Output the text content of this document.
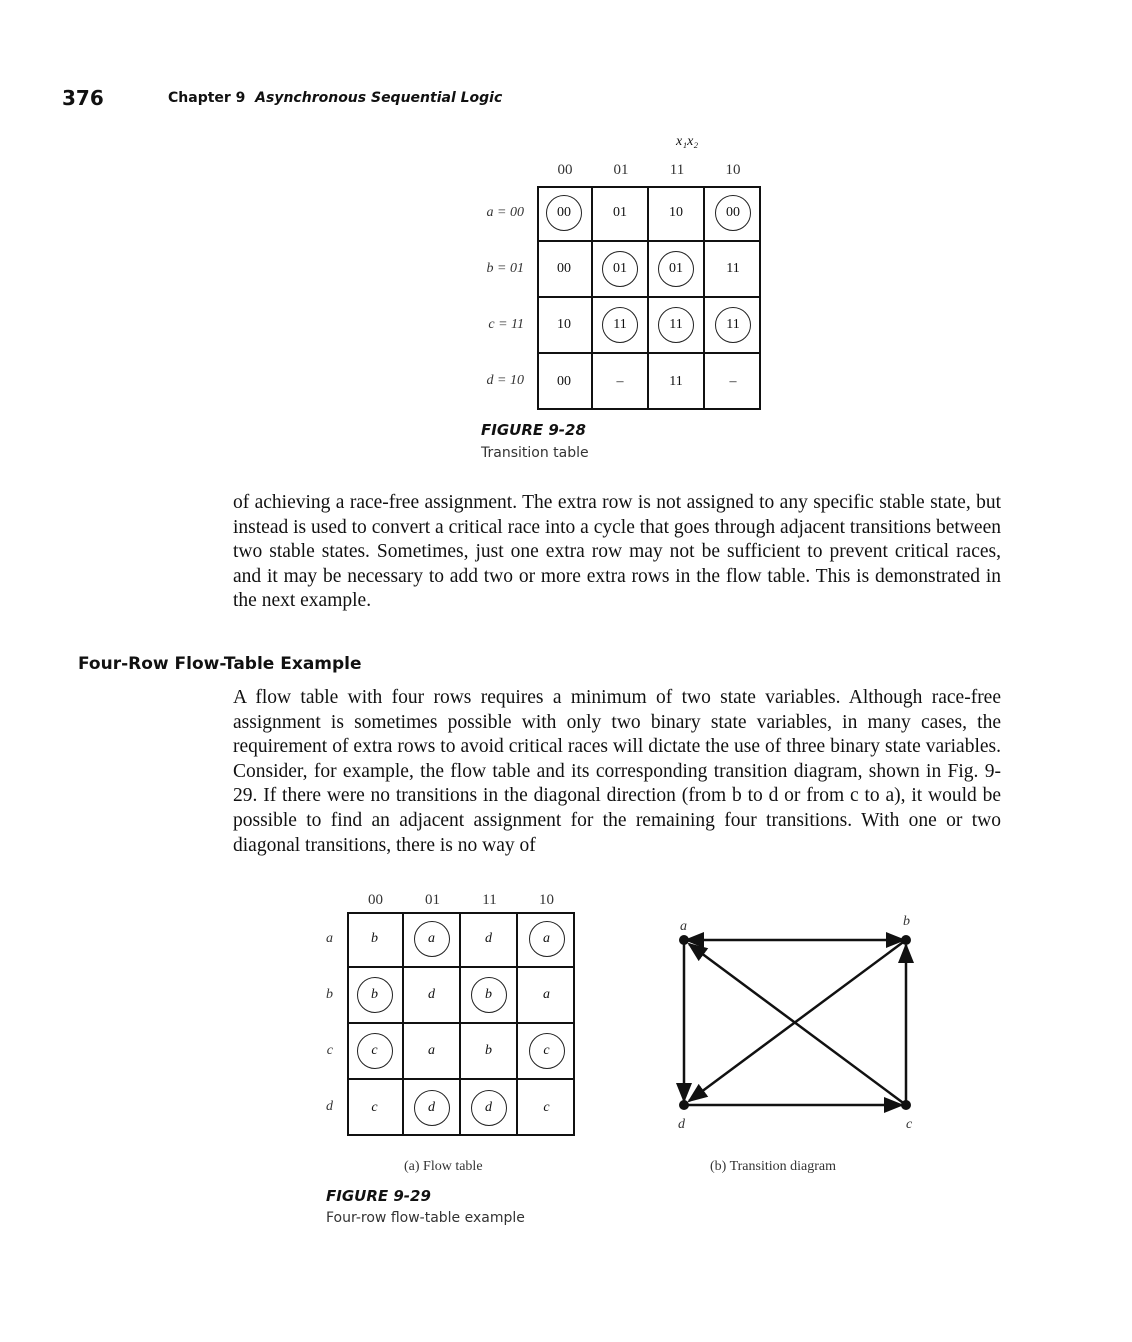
376	Chapter 9 Asynchronous Sequential Logic
x₁x₂
00	01	11	10
a = 00 00	01	10	00
b = 01 00	01	01	11
c = 11 10	11	11	11
d = 10 00	–	11	–
FIGURE 9-28
Transition table
of achieving a race-free assignment. The extra row is not assigned to any specific stable state, but instead is used to convert a critical race into a cycle that goes through adjacent transitions between two stable states. Sometimes, just one extra row may not be sufficient to prevent critical races, and it may be necessary to add two or more extra rows in the flow table. This is demonstrated in the next example.
Four-Row Flow-Table Example
A flow table with four rows requires a minimum of two state variables. Although race-free assignment is sometimes possible with only two binary state variables, in many cases, the requirement of extra rows to avoid critical races will dictate the use of three binary state variables. Consider, for example, the flow table and its corresponding transition diagram, shown in Fig. 9-29. If there were no transitions in the diagonal direction (from b to d or from c to a), it would be possible to find an adjacent assignment for the remaining four transitions. With one or two diagonal transitions, there is no way of
00	01	11	10
a	b	a	d	a
b	b	d	b	a
c	c	a	b	c
d	c	d	d	c
(a) Flow table
a	b
c
d
(b) Transition diagram
FIGURE 9-29
Four-row flow-table example
